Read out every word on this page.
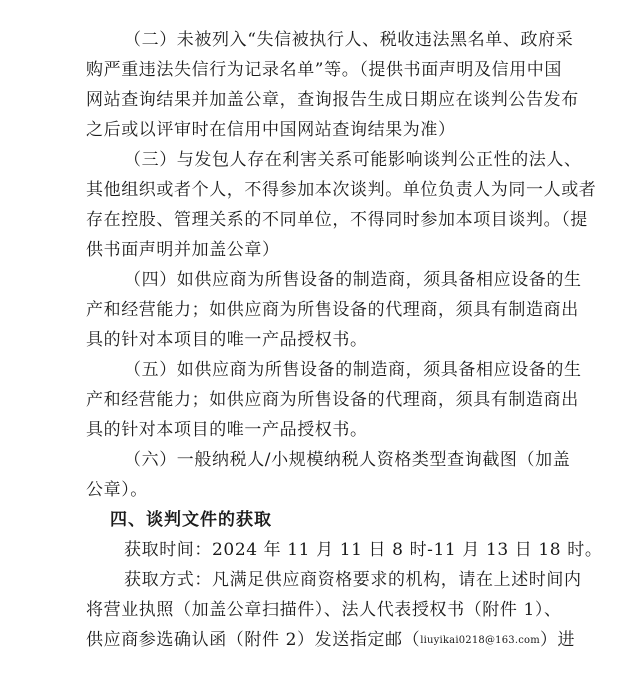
（二）未被列入“失信被执行人、税收违法黑名单、政府采
购严重违法失信行为记录名单”等。（提供书面声明及信用中国
网站查询结果并加盖公章，查询报告生成日期应在谈判公告发布
之后或以评审时在信用中国网站查询结果为准）
（三）与发包人存在利害关系可能影响谈判公正性的法人、
其他组织或者个人，不得参加本次谈判。单位负责人为同一人或者
存在控股、管理关系的不同单位，不得同时参加本项目谈判。（提
供书面声明并加盖公章）
（四）如供应商为所售设备的制造商，须具备相应设备的生
产和经营能力；如供应商为所售设备的代理商，须具有制造商出
具的针对本项目的唯一产品授权书。
（五）如供应商为所售设备的制造商，须具备相应设备的生
产和经营能力；如供应商为所售设备的代理商，须具有制造商出
具的针对本项目的唯一产品授权书。
（六）一般纳税人/小规模纳税人资格类型查询截图（加盖
公章）。
四、谈判文件的获取
获取时间：2024 年 11 月 11 日 8 时-11 月 13 日 18 时。
获取方式：凡满足供应商资格要求的机构，请在上述时间内
将营业执照（加盖公章扫描件）、法人代表授权书（附件 1）、
供应商参选确认函（附件 2）发送指定邮（liuyikai0218@163.com）进
